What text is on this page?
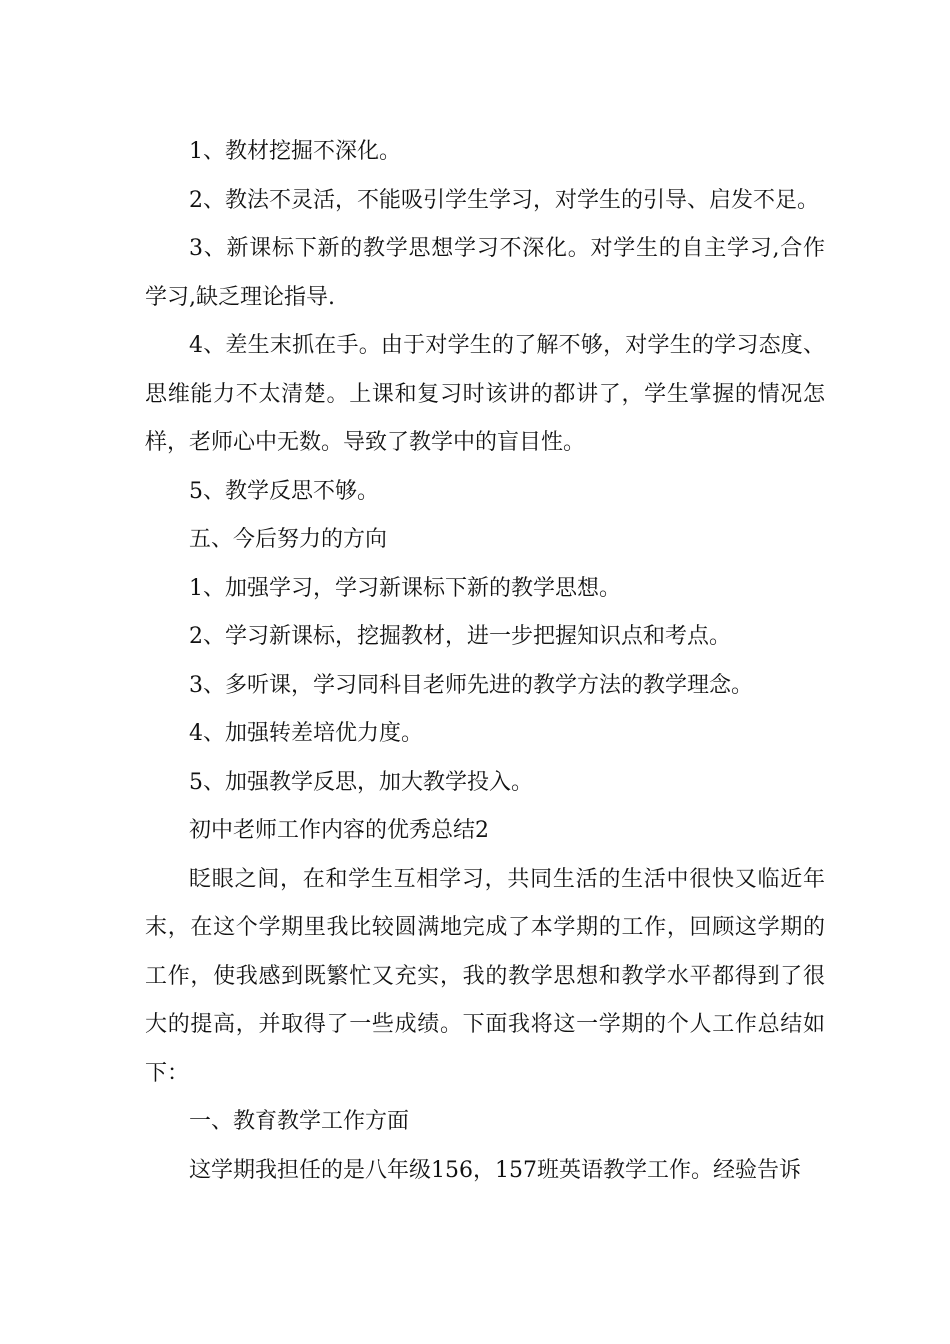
1、教材挖掘不深化。

2、教法不灵活，不能吸引学生学习，对学生的引导、启发不足。

3、新课标下新的教学思想学习不深化。对学生的自主学习,合作学习,缺乏理论指导.

4、差生末抓在手。由于对学生的了解不够，对学生的学习态度、思维能力不太清楚。上课和复习时该讲的都讲了，学生掌握的情况怎样，老师心中无数。导致了教学中的盲目性。

5、教学反思不够。

五、今后努力的方向

1、加强学习，学习新课标下新的教学思想。

2、学习新课标，挖掘教材，进一步把握知识点和考点。

3、多听课，学习同科目老师先进的教学方法的教学理念。

4、加强转差培优力度。

5、加强教学反思，加大教学投入。

初中老师工作内容的优秀总结2

眨眼之间，在和学生互相学习，共同生活的生活中很快又临近年末，在这个学期里我比较圆满地完成了本学期的工作，回顾这学期的工作，使我感到既繁忙又充实，我的教学思想和教学水平都得到了很大的提高，并取得了一些成绩。下面我将这一学期的个人工作总结如下：

一、教育教学工作方面

这学期我担任的是八年级156，157班英语教学工作。经验告诉
